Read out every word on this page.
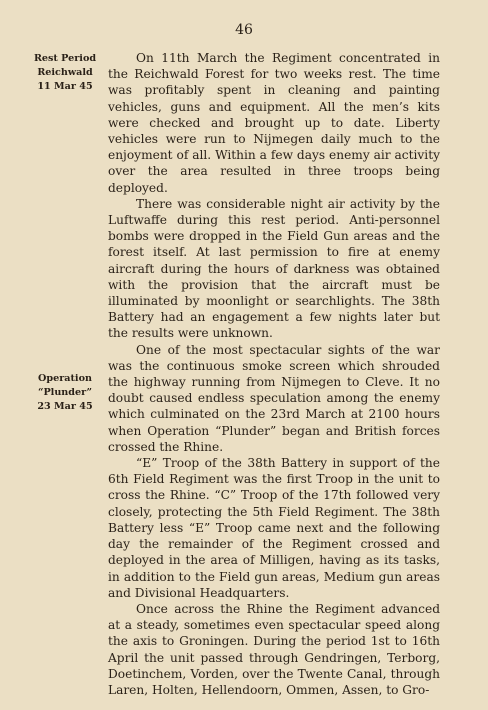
46
Rest Period
Reichwald
11 Mar 45
Operation
“Plunder”
23 Mar 45

On 11th March the Regiment concentrated in the Reichwald Forest for two weeks rest. The time was profitably spent in cleaning and painting vehicles, guns and equipment. All the men’s kits were checked and brought up to date. Liberty vehicles were run to Nijmegen daily much to the enjoyment of all. Within a few days enemy air activity over the area resulted in three troops being deployed.

There was considerable night air activity by the Luftwaffe during this rest period. Anti-personnel bombs were dropped in the Field Gun areas and the forest itself. At last permission to fire at enemy aircraft during the hours of darkness was obtained with the provision that the aircraft must be illuminated by moonlight or searchlights. The 38th Battery had an engagement a few nights later but the results were unknown.

One of the most spectacular sights of the war was the continuous smoke screen which shrouded the highway running from Nijmegen to Cleve. It no doubt caused endless speculation among the enemy which culminated on the 23rd March at 2100 hours when Operation “Plunder” began and British forces crossed the Rhine.

“E” Troop of the 38th Battery in support of the 6th Field Regiment was the first Troop in the unit to cross the Rhine. “C” Troop of the 17th followed very closely, protecting the 5th Field Regiment. The 38th Battery less “E” Troop came next and the following day the remainder of the Regiment crossed and deployed in the area of Milligen, having as its tasks, in addition to the Field gun areas, Medium gun areas and Divisional Headquarters.

Once across the Rhine the Regiment advanced at a steady, sometimes even spectacular speed along the axis to Groningen. During the period 1st to 16th April the unit passed through Gendringen, Terborg, Doetinchem, Vorden, over the Twente Canal, through Laren, Holten, Hellendoorn, Ommen, Assen, to Gro-
